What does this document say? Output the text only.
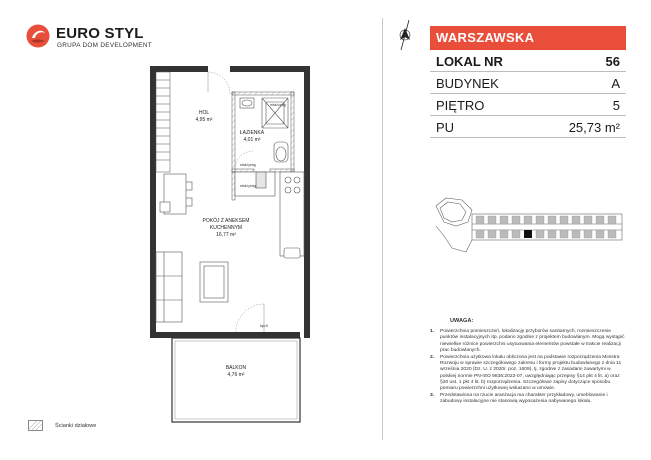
EURO STYL
GRUPA DOM DEVELOPMENT
HOL
4,95 m²
ŁAZIENKA
4,01 m²
POKÓJ Z ANEKSEM
KUCHENNYM
16,77 m²
BALKON
4,76 m²
niski próg
niski próg
niski próg
hp=0
WARSZAWSKA
LOKAL NR	56
BUDYNEK	A
PIĘTRO	5
PU	25,73 m²
UWAGA:
1. Powierzchnia pomieszczeń, lokalizację przyborów sanitarnych, rozmieszczenie punktów instalacyjnych itp. podano zgodnie z projektem budowlanym. Mogą wystąpić niewielkie różnice powierzchni usytuowania elementów powstałe w trakcie realizacji prac budowlanych.
2. Powierzchnia użytkowa lokalu obliczona jest na podstawie rozporządzenia Ministra Rozwoju w sprawie szczegółowego zakresu i formy projektu budowlanego z dnia 11 września 2020 (Dz. U. z 2020r. poz. 1609), tj. zgodnie z zasadami zawartymi w polskiej normie PN-ISO 9836:2022-07, uwzględniając przepisy §14 pkt 4 lit. a) oraz §20 ust. 1 pkt 4 lit. b) rozporządzenia. Szczegółowe zapisy dotyczące sposobu pomiaru powierzchni użytkowej wskazano w umowie.
3. Przedstawiona na rzucie aranżacja ma charakter przykładowy, umeblowanie i zabudowy instalacyjne nie stanowią wyposażenia nabywanego lokalu.
Ścianki działowe
